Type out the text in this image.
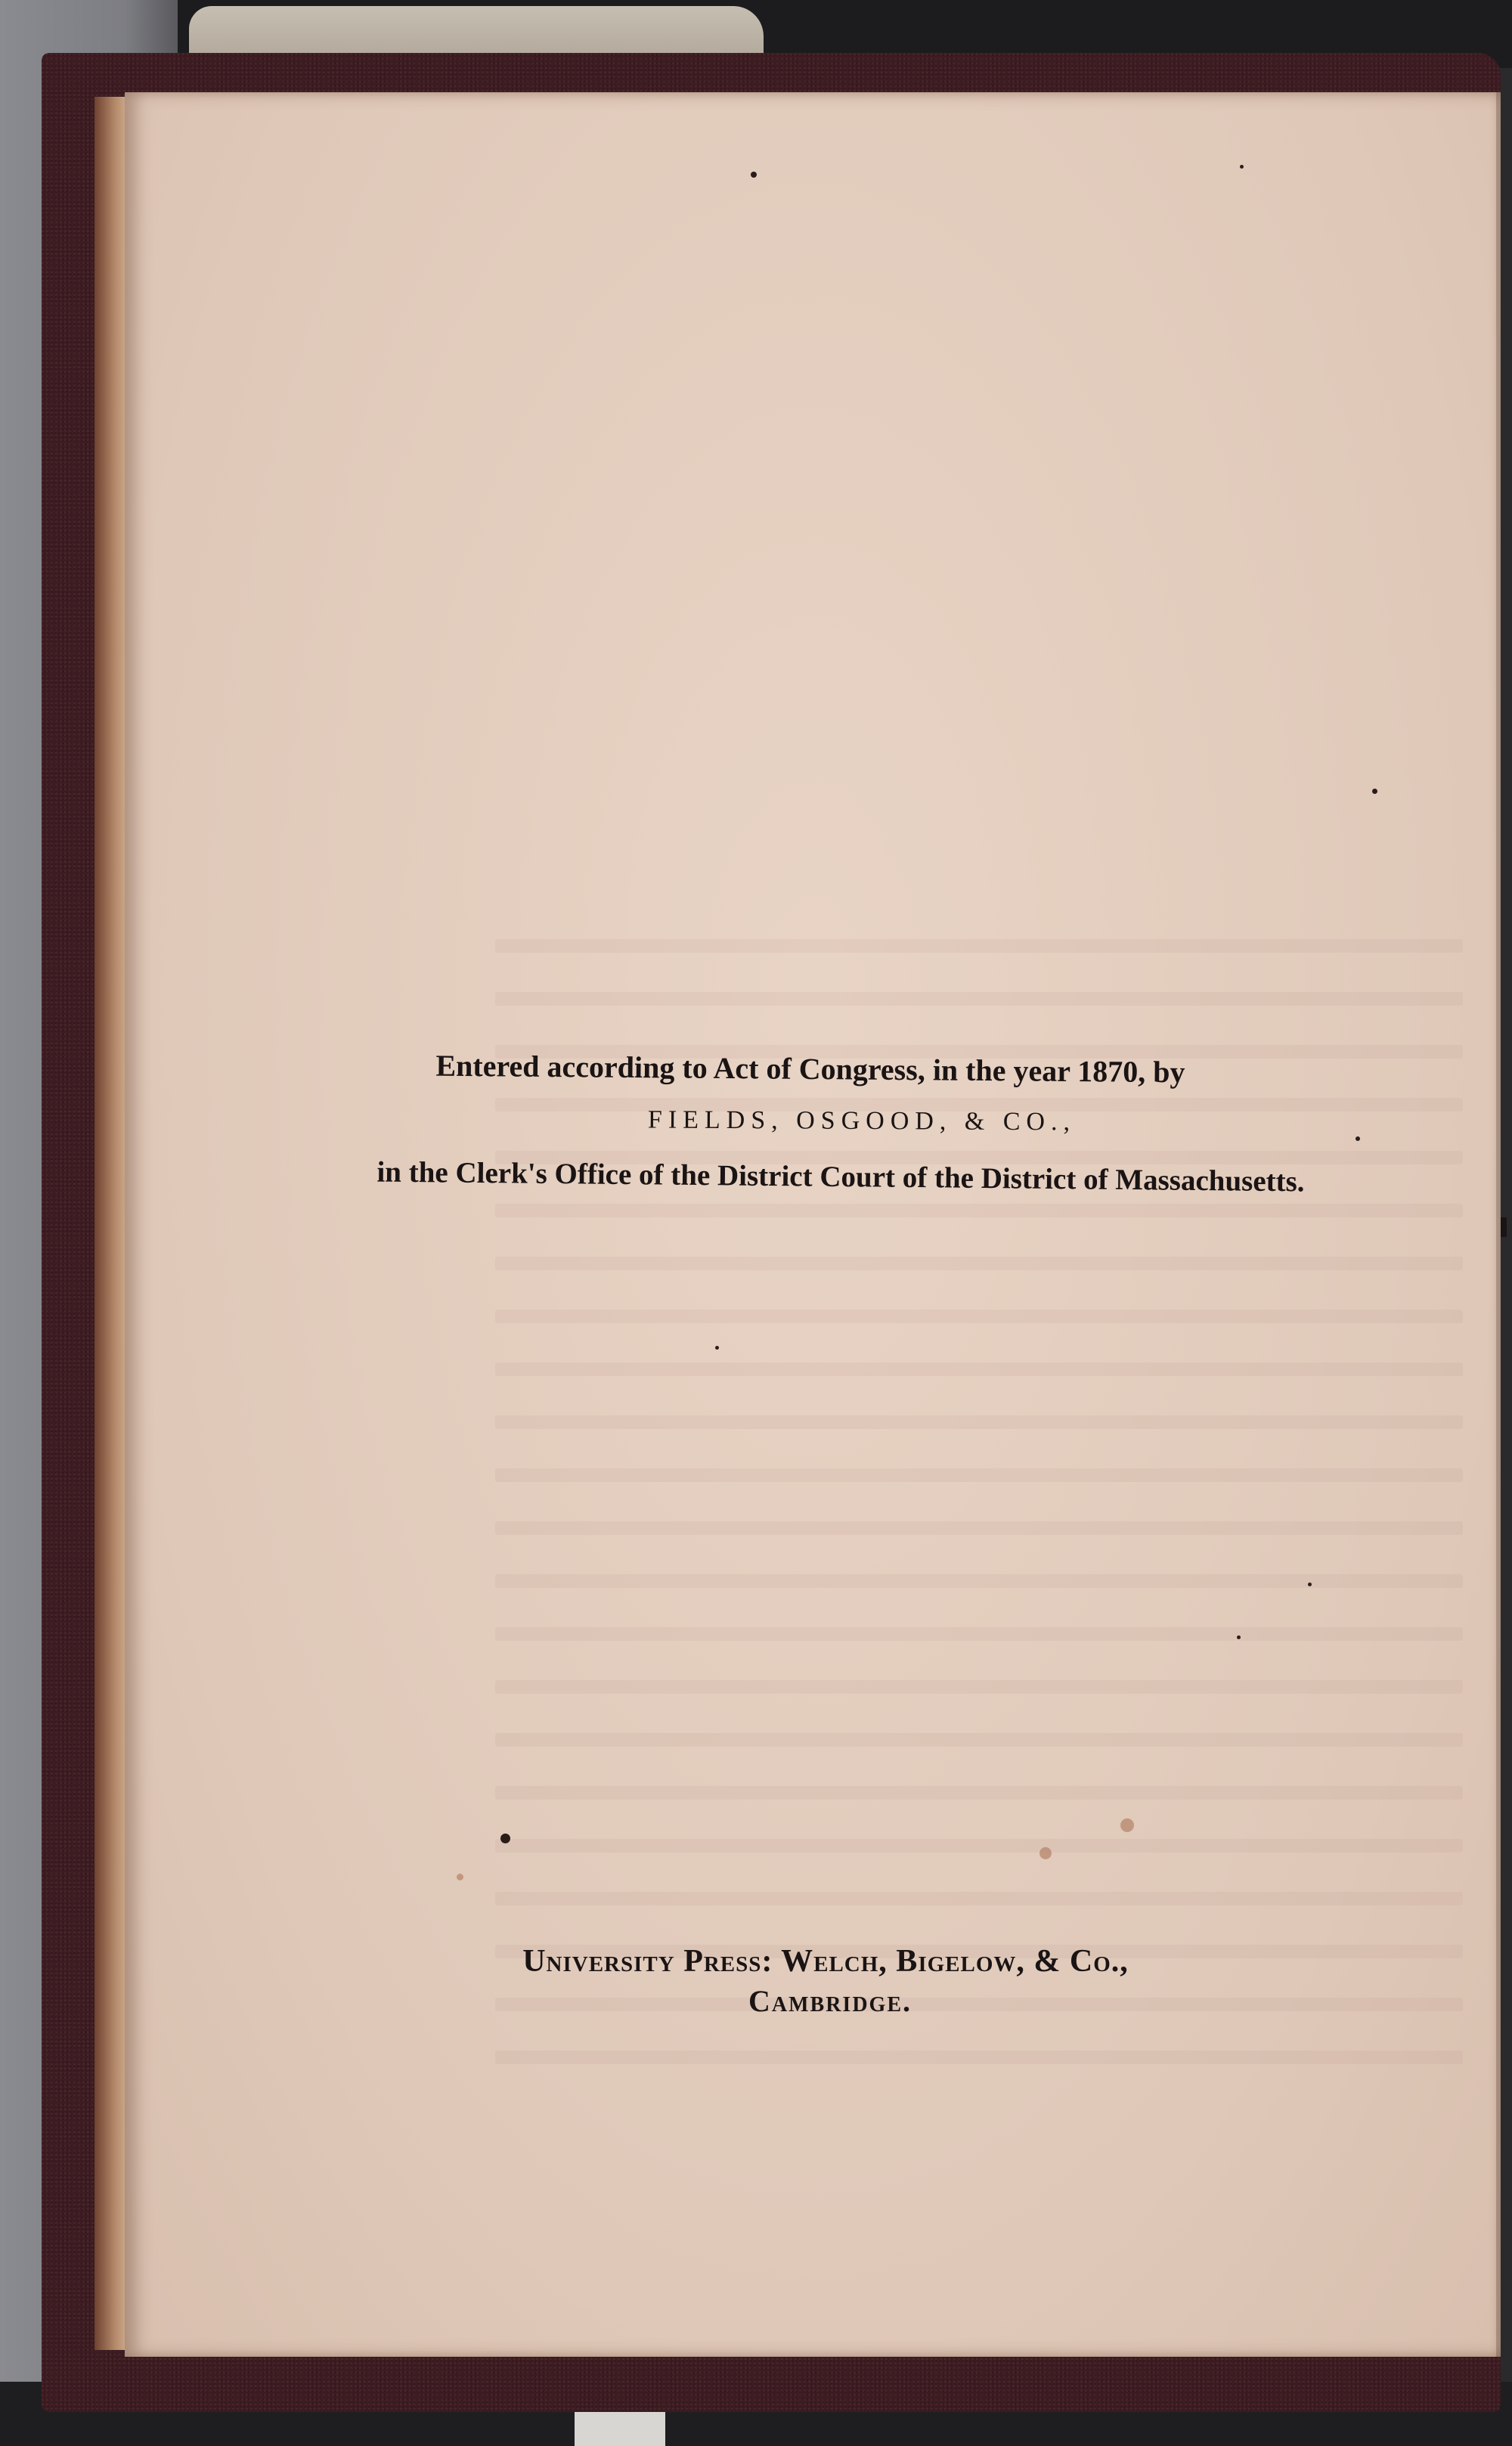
Entered according to Act of Congress, in the year 1870, by
FIELDS, OSGOOD, & CO.,
in the Clerk's Office of the District Court of the District of Massachusetts.
University Press: Welch, Bigelow, & Co.,
Cambridge.
